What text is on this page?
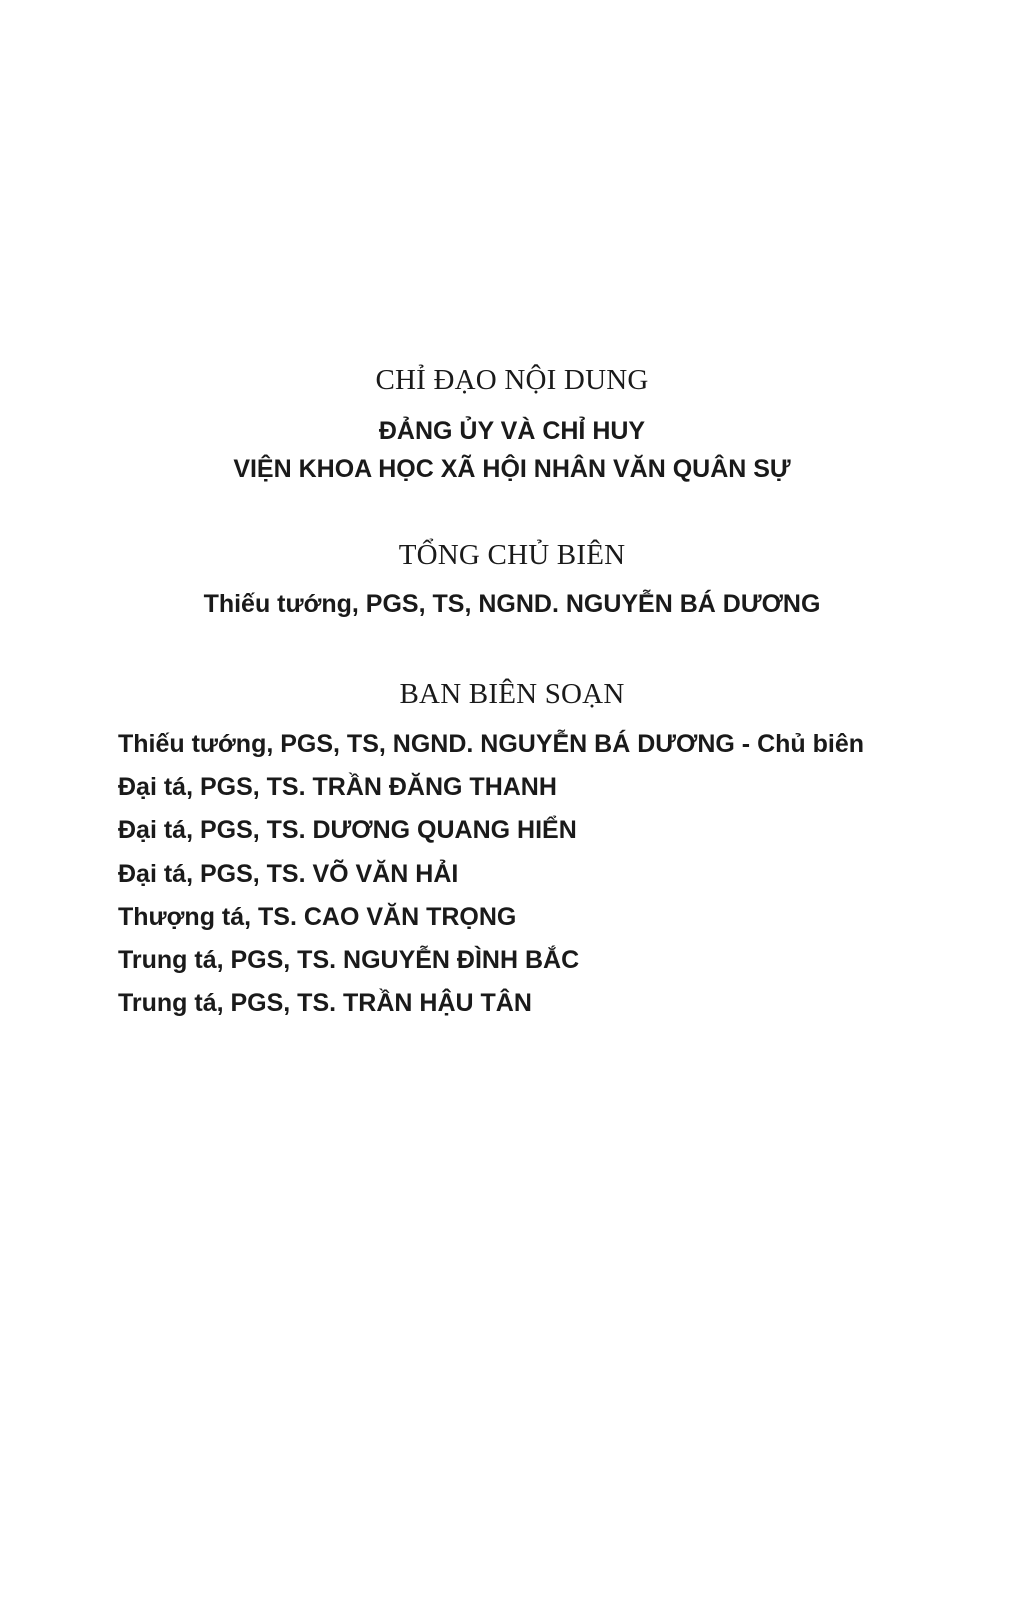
CHỈ ĐẠO NỘI DUNG

ĐẢNG ỦY VÀ CHỈ HUY

VIỆN KHOA HỌC XÃ HỘI NHÂN VĂN QUÂN SỰ

TỔNG CHỦ BIÊN

Thiếu tướng, PGS, TS, NGND. NGUYỄN BÁ DƯƠNG

BAN BIÊN SOẠN

Thiếu tướng, PGS, TS, NGND. NGUYỄN BÁ DƯƠNG - Chủ biên

Đại tá, PGS, TS. TRẦN ĐĂNG THANH

Đại tá, PGS, TS. DƯƠNG QUANG HIỂN

Đại tá, PGS, TS. VÕ VĂN HẢI

Thượng tá, TS. CAO VĂN TRỌNG

Trung tá, PGS, TS. NGUYỄN ĐÌNH BẮC

Trung tá, PGS, TS. TRẦN HẬU TÂN
